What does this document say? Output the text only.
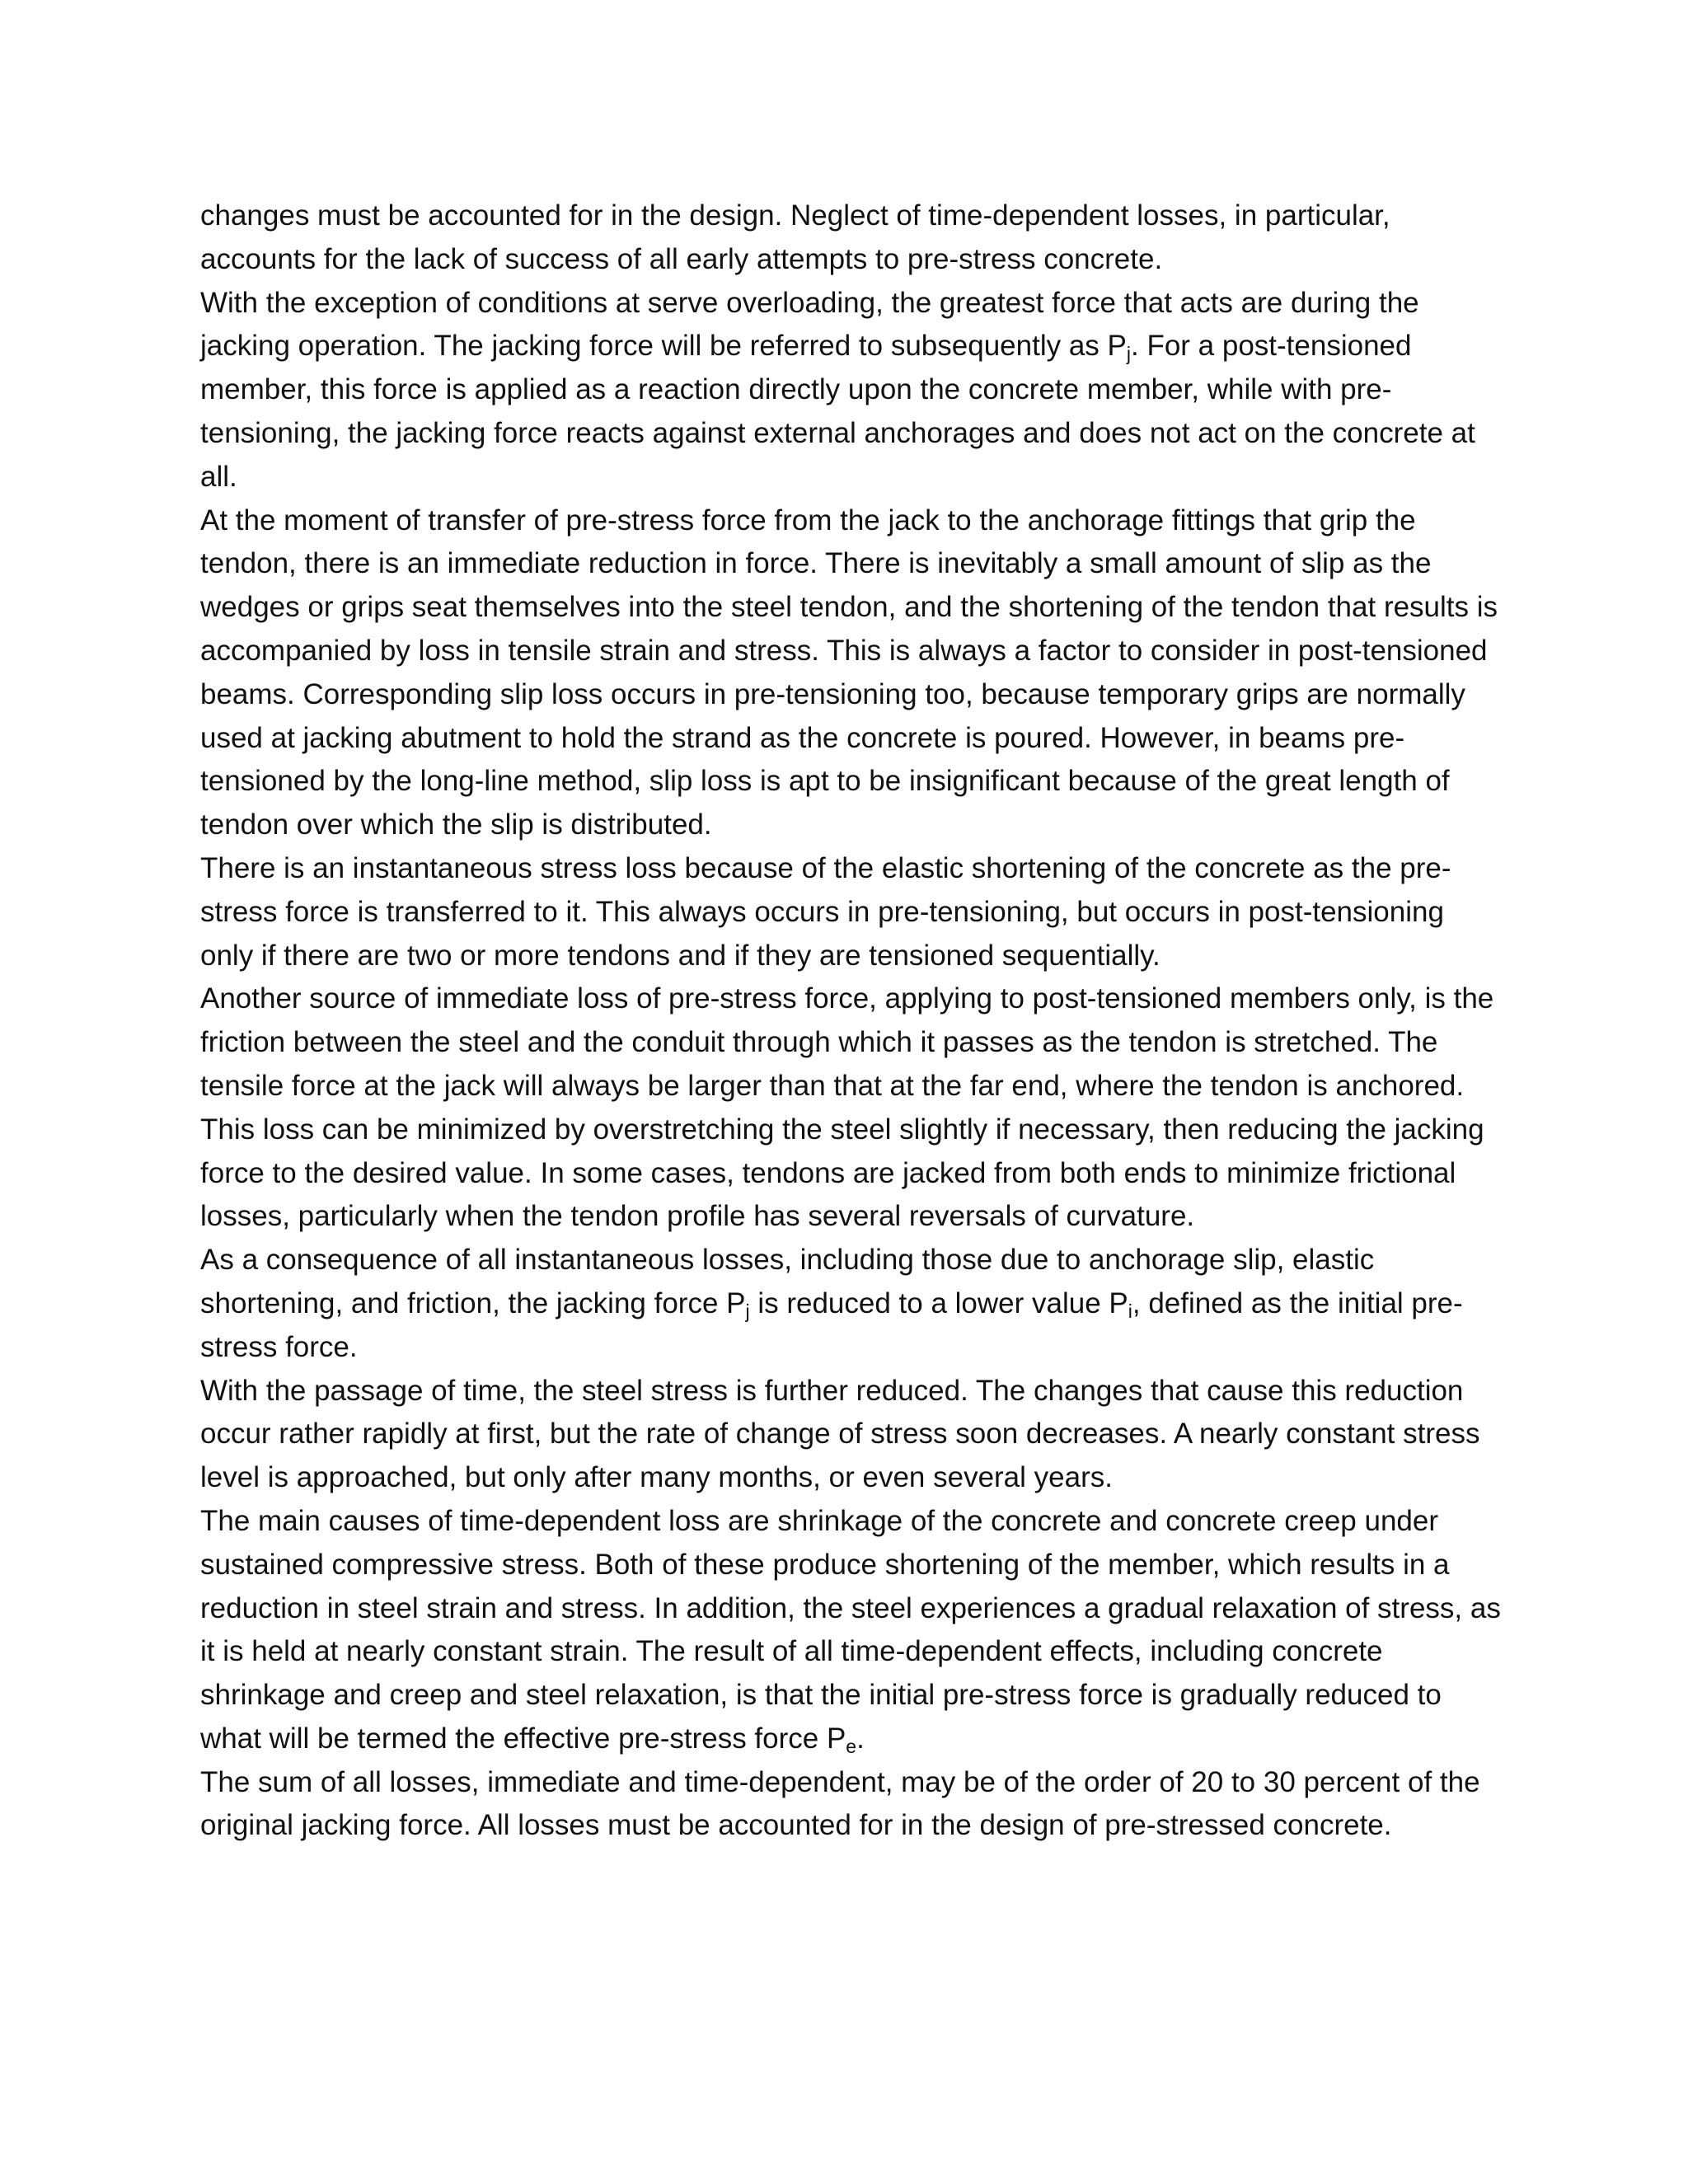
changes must be accounted for in the design. Neglect of time-dependent losses, in particular, accounts for the lack of success of all early attempts to pre-stress concrete.

With the exception of conditions at serve overloading, the greatest force that acts are during the jacking operation. The jacking force will be referred to subsequently as $P_j$. For a post-tensioned member, this force is applied as a reaction directly upon the concrete member, while with pre-tensioning, the jacking force reacts against external anchorages and does not act on the concrete at all.

At the moment of transfer of pre-stress force from the jack to the anchorage fittings that grip the tendon, there is an immediate reduction in force. There is inevitably a small amount of slip as the wedges or grips seat themselves into the steel tendon, and the shortening of the tendon that results is accompanied by loss in tensile strain and stress. This is always a factor to consider in post-tensioned beams. Corresponding slip loss occurs in pre-tensioning too, because temporary grips are normally used at jacking abutment to hold the strand as the concrete is poured. However, in beams pre-tensioned by the long-line method, slip loss is apt to be insignificant because of the great length of tendon over which the slip is distributed.

There is an instantaneous stress loss because of the elastic shortening of the concrete as the pre-stress force is transferred to it. This always occurs in pre-tensioning, but occurs in post-tensioning only if there are two or more tendons and if they are tensioned sequentially.

Another source of immediate loss of pre-stress force, applying to post-tensioned members only, is the friction between the steel and the conduit through which it passes as the tendon is stretched. The tensile force at the jack will always be larger than that at the far end, where the tendon is anchored. This loss can be minimized by overstretching the steel slightly if necessary, then reducing the jacking force to the desired value. In some cases, tendons are jacked from both ends to minimize frictional losses, particularly when the tendon profile has several reversals of curvature.

As a consequence of all instantaneous losses, including those due to anchorage slip, elastic shortening, and friction, the jacking force $P_j$ is reduced to a lower value $P_i$, defined as the initial pre-stress force.

With the passage of time, the steel stress is further reduced. The changes that cause this reduction occur rather rapidly at first, but the rate of change of stress soon decreases. A nearly constant stress level is approached, but only after many months, or even several years.

The main causes of time-dependent loss are shrinkage of the concrete and concrete creep under sustained compressive stress. Both of these produce shortening of the member, which results in a reduction in steel strain and stress. In addition, the steel experiences a gradual relaxation of stress, as it is held at nearly constant strain. The result of all time-dependent effects, including concrete shrinkage and creep and steel relaxation, is that the initial pre-stress force is gradually reduced to what will be termed the effective pre-stress force $P_e$.

The sum of all losses, immediate and time-dependent, may be of the order of 20 to 30 percent of the original jacking force. All losses must be accounted for in the design of pre-stressed concrete.
